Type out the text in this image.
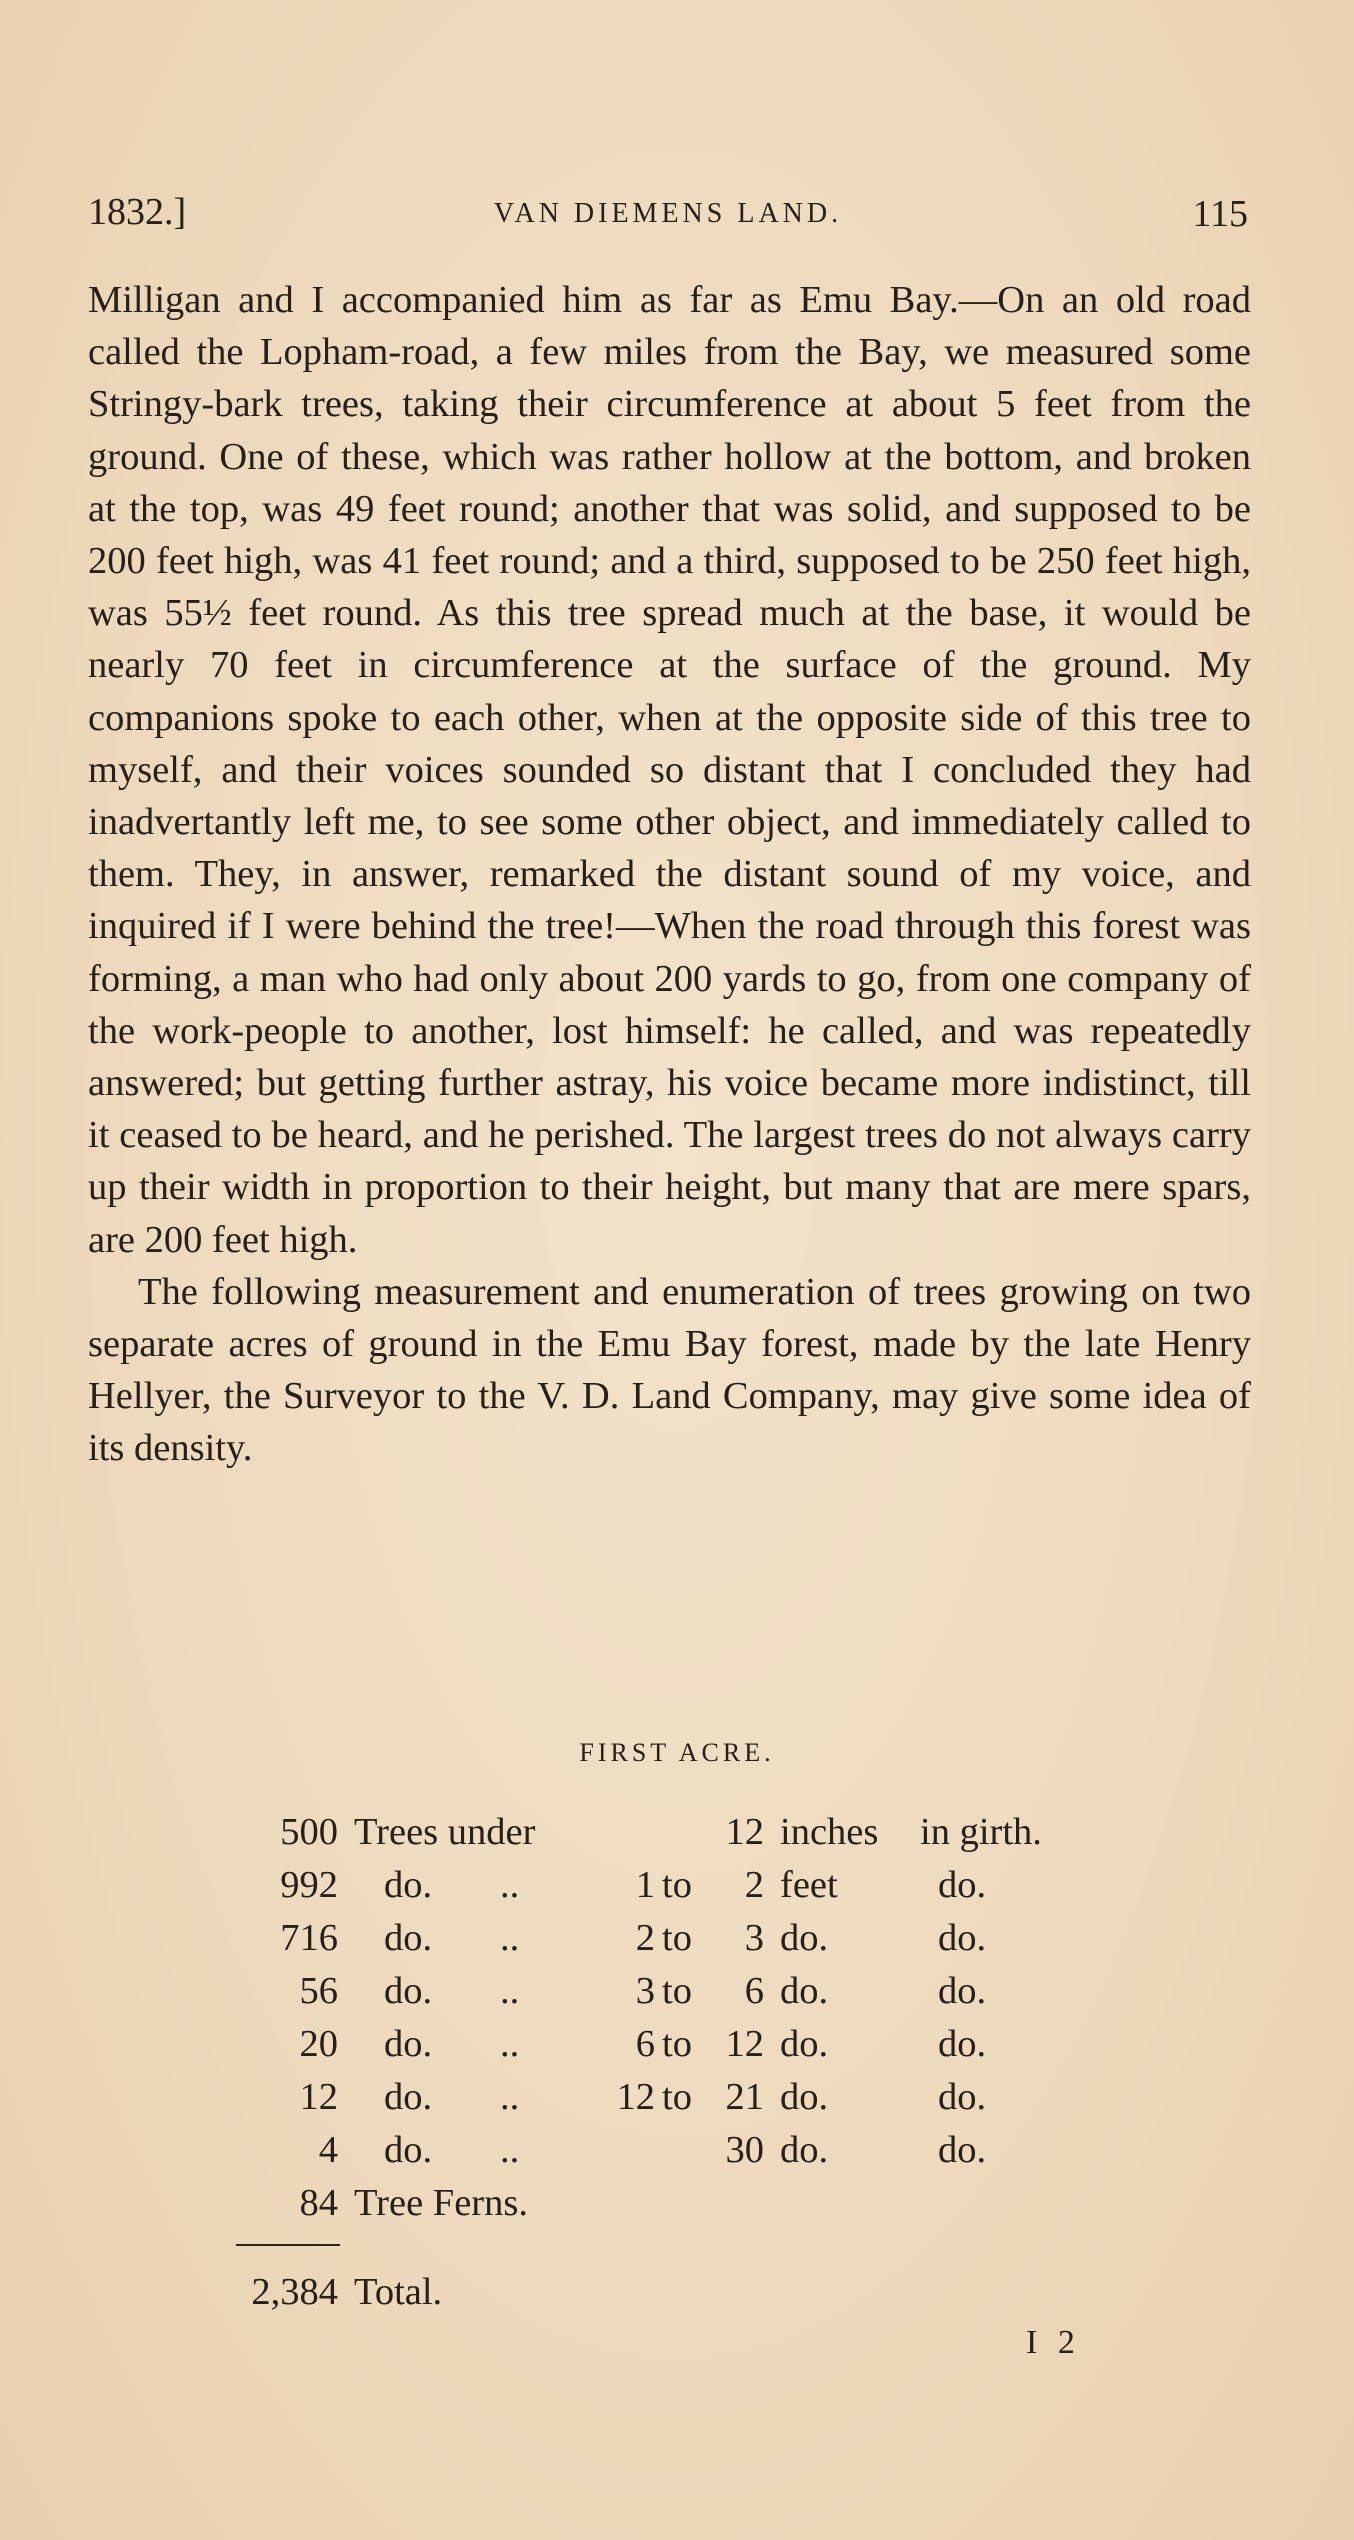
1832.]	VAN DIEMENS LAND.	115

Milligan and I accompanied him as far as Emu Bay.—On an old road called the Lopham-road, a few miles from the Bay, we measured some Stringy-bark trees, taking their circumference at about 5 feet from the ground. One of these, which was rather hollow at the bottom, and broken at the top, was 49 feet round; another that was solid, and supposed to be 200 feet high, was 41 feet round; and a third, supposed to be 250 feet high, was 55½ feet round. As this tree spread much at the base, it would be nearly 70 feet in circumference at the surface of the ground. My companions spoke to each other, when at the opposite side of this tree to myself, and their voices sounded so distant that I concluded they had inadvertantly left me, to see some other object, and immediately called to them. They, in answer, remarked the distant sound of my voice, and inquired if I were behind the tree!—When the road through this forest was forming, a man who had only about 200 yards to go, from one company of the work-people to another, lost himself: he called, and was repeatedly answered; but getting further astray, his voice became more indistinct, till it ceased to be heard, and he perished. The largest trees do not always carry up their width in proportion to their height, but many that are mere spars, are 200 feet high.

The following measurement and enumeration of trees growing on two separate acres of ground in the Emu Bay forest, made by the late Henry Hellyer, the Surveyor to the V. D. Land Company, may give some idea of its density.

FIRST ACRE.
500 Trees under	12 inches in girth.
992 do. ..	1 to 2 feet	do.
716 do. ..	2 to 3 do.	do.
56 do. ..	3 to 6 do.	do.
20 do. ..	6 to 12 do.	do.
12 do. ..	12 to 21 do.	do.
4 do. ..	30 do.	do.
84 Tree Ferns.
2,384 Total.
I 2
